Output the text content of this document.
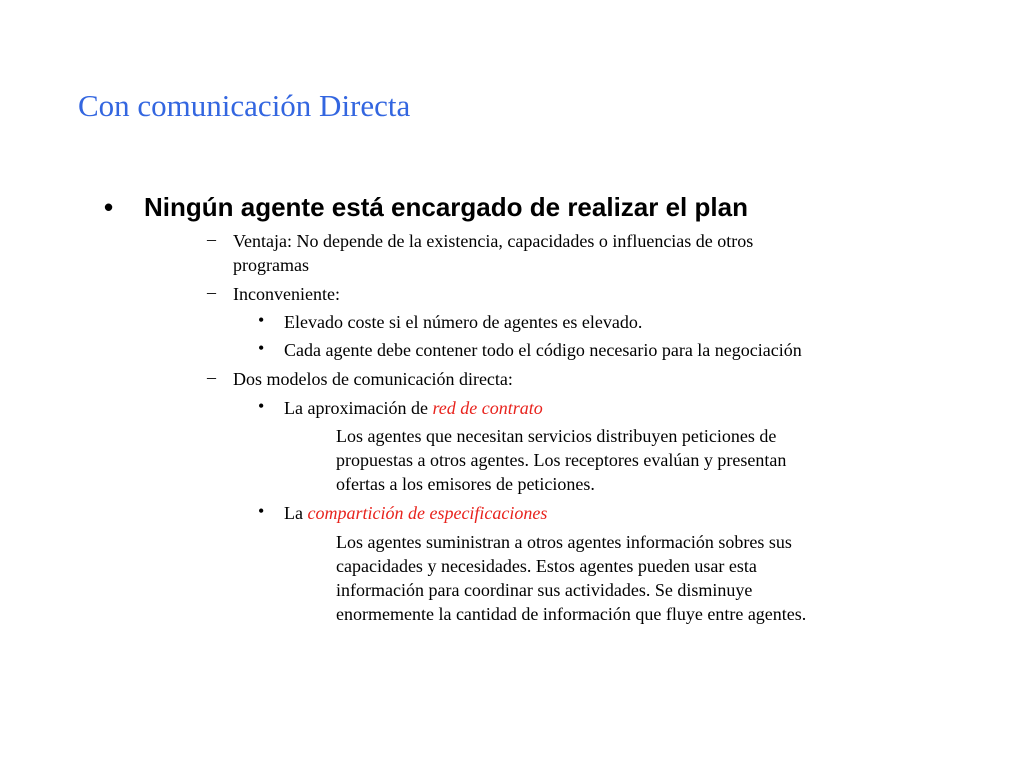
Con comunicación Directa
• Ningún agente está encargado de realizar el plan
– Ventaja: No depende de la existencia, capacidades o influencias de otros
programas
– Inconveniente:
• Elevado coste si el número de agentes es elevado.
• Cada agente debe contener todo el código necesario para la negociación
– Dos modelos de comunicación directa:
• La aproximación de red de contrato
Los agentes que necesitan servicios distribuyen peticiones de
propuestas a otros agentes. Los receptores evalúan y presentan
ofertas a los emisores de peticiones.
• La compartición de especificaciones
Los agentes suministran a otros agentes información sobres sus
capacidades y necesidades. Estos agentes pueden usar esta
información para coordinar sus actividades. Se disminuye
enormemente la cantidad de información que fluye entre agentes.
